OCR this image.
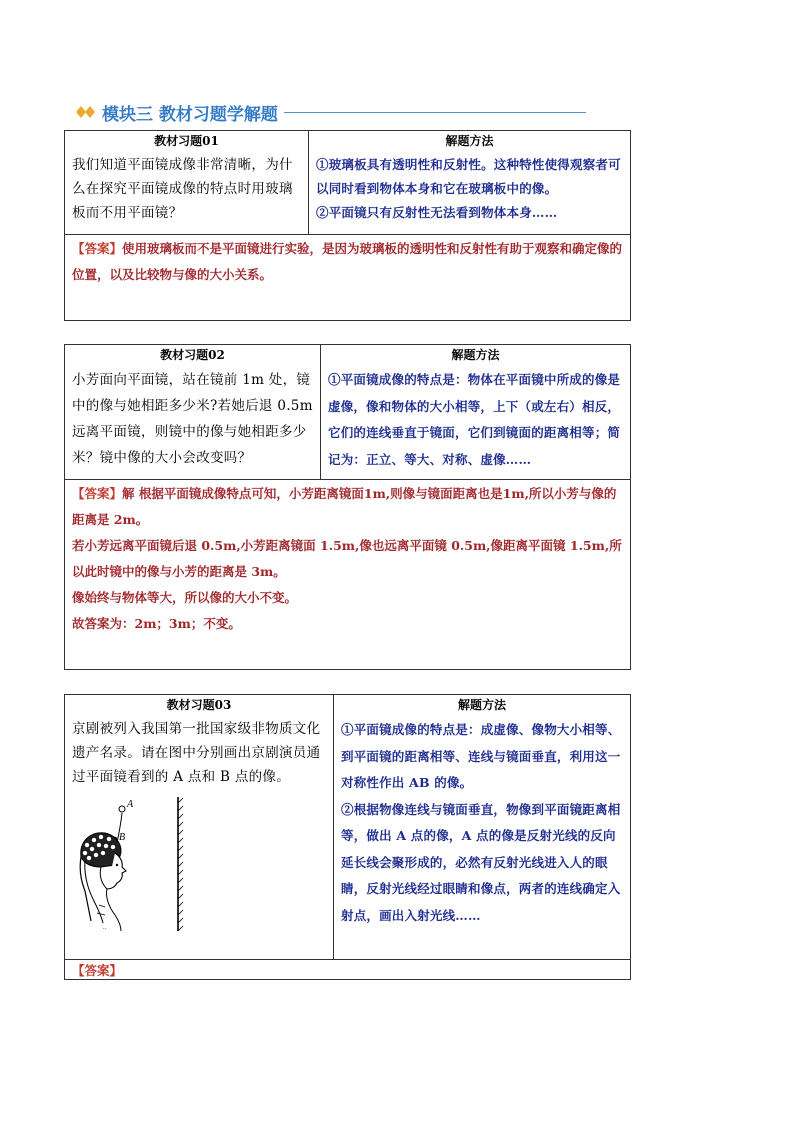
模块三 教材习题学解题
教材习题01
我们知道平面镜成像非常清晰，为什么在探究平面镜成像的特点时用玻璃板而不用平面镜？
解题方法
①玻璃板具有透明性和反射性。这种特性使得观察者可以同时看到物体本身和它在玻璃板中的像。
②平面镜只有反射性无法看到物体本身……
【答案】使用玻璃板而不是平面镜进行实验，是因为玻璃板的透明性和反射性有助于观察和确定像的位置，以及比较物与像的大小关系。
教材习题02
小芳面向平面镜，站在镜前 1m 处，镜中的像与她相距多少米?若她后退 0.5m 远离平面镜，则镜中的像与她相距多少米？镜中像的大小会改变吗？
解题方法
①平面镜成像的特点是：物体在平面镜中所成的像是虚像，像和物体的大小相等，上下（或左右）相反，它们的连线垂直于镜面，它们到镜面的距离相等；简记为：正立、等大、对称、虚像……
【答案】解 根据平面镜成像特点可知，小芳距离镜面1m,则像与镜面距离也是1m,所以小芳与像的距离是 2m。
若小芳远离平面镜后退 0.5m,小芳距离镜面 1.5m,像也远离平面镜 0.5m,像距离平面镜 1.5m,所以此时镜中的像与小芳的距离是 3m。
像始终与物体等大，所以像的大小不变。
故答案为：2m；3m；不变。
教材习题03
京剧被列入我国第一批国家级非物质文化遗产名录。请在图中分别画出京剧演员通过平面镜看到的 A 点和 B 点的像。
A
B
..
解题方法
①平面镜成像的特点是：成虚像、像物大小相等、到平面镜的距离相等、连线与镜面垂直，利用这一对称性作出 AB 的像。
②根据物像连线与镜面垂直，物像到平面镜距离相等，做出 A 点的像，A 点的像是反射光线的反向延长线会聚形成的，必然有反射光线进入人的眼睛，反射光线经过眼睛和像点，两者的连线确定入射点，画出入射光线……
【答案】
